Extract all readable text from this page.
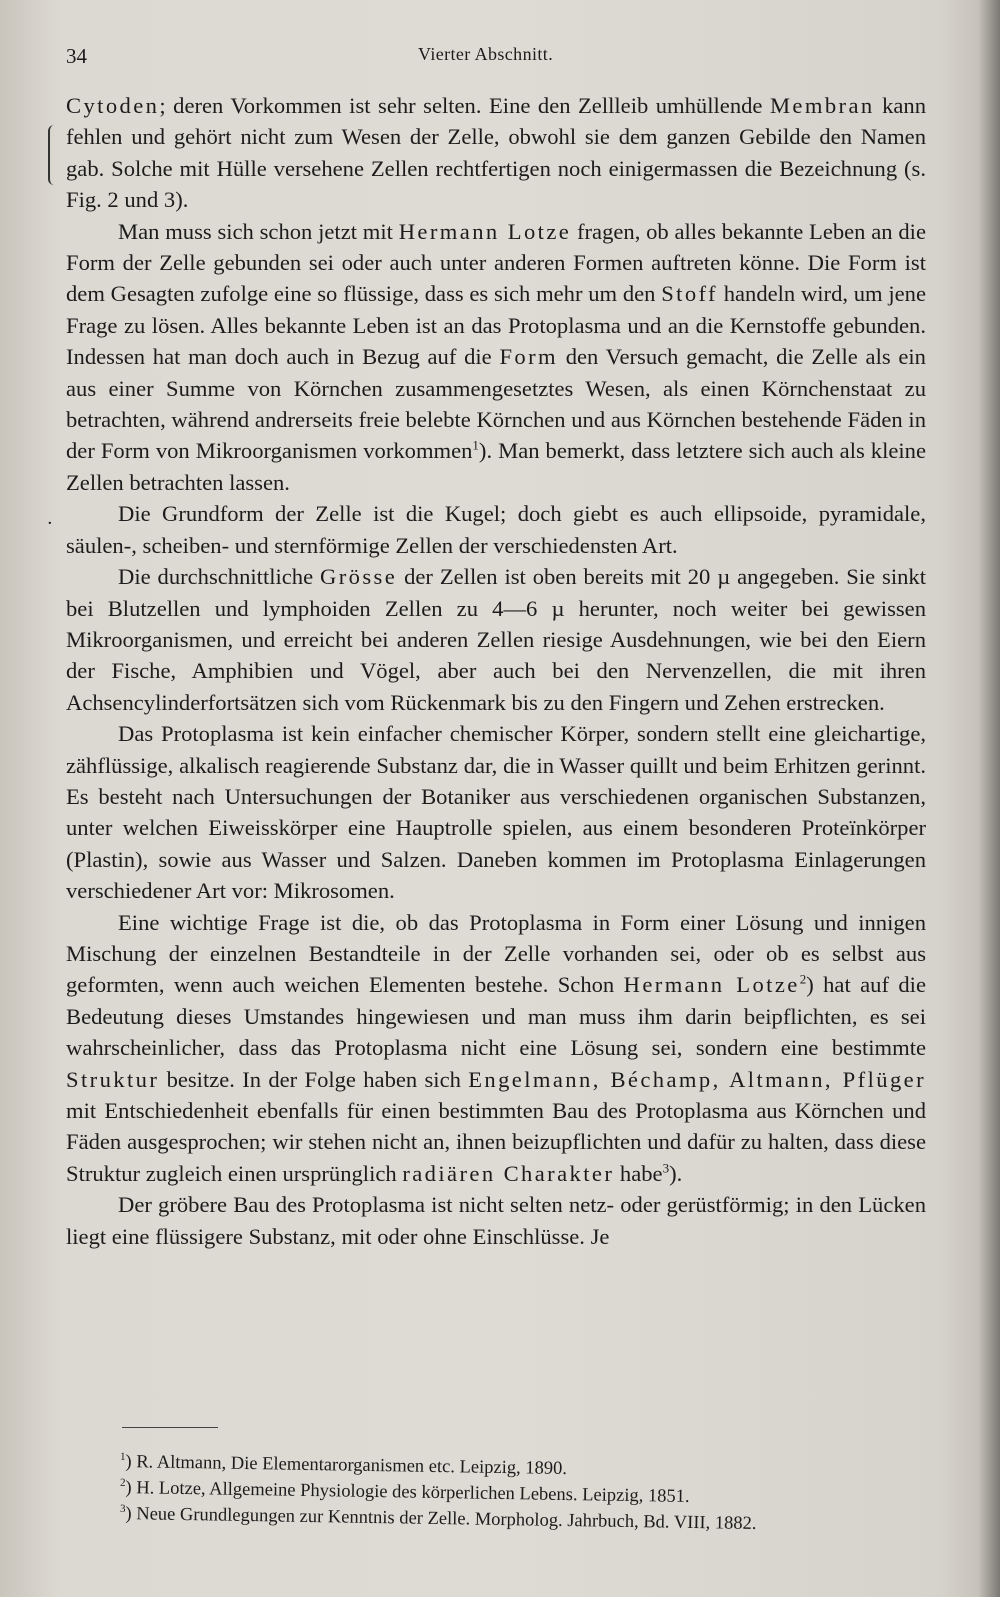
34	Vierter Abschnitt.
·

Cytoden; deren Vorkommen ist sehr selten. Eine den Zellleib umhüllende Membran kann fehlen und gehört nicht zum Wesen der Zelle, obwohl sie dem ganzen Gebilde den Namen gab. Solche mit Hülle versehene Zellen rechtfertigen noch einigermassen die Bezeichnung (s. Fig. 2 und 3).

Man muss sich schon jetzt mit Hermann Lotze fragen, ob alles bekannte Leben an die Form der Zelle gebunden sei oder auch unter anderen Formen auftreten könne. Die Form ist dem Gesagten zufolge eine so flüssige, dass es sich mehr um den Stoff handeln wird, um jene Frage zu lösen. Alles bekannte Leben ist an das Protoplasma und an die Kernstoffe gebunden. Indessen hat man doch auch in Bezug auf die Form den Versuch gemacht, die Zelle als ein aus einer Summe von Körnchen zusammengesetztes Wesen, als einen Körnchenstaat zu betrachten, während andrerseits freie belebte Körnchen und aus Körnchen bestehende Fäden in der Form von Mikroorganismen vorkommen$^1$). Man bemerkt, dass letztere sich auch als kleine Zellen betrachten lassen.

Die Grundform der Zelle ist die Kugel; doch giebt es auch ellipsoide, pyramidale, säulen-, scheiben- und sternförmige Zellen der verschiedensten Art.

Die durchschnittliche Grösse der Zellen ist oben bereits mit 20 µ angegeben. Sie sinkt bei Blutzellen und lymphoiden Zellen zu 4—6 µ herunter, noch weiter bei gewissen Mikroorganismen, und erreicht bei anderen Zellen riesige Ausdehnungen, wie bei den Eiern der Fische, Amphibien und Vögel, aber auch bei den Nervenzellen, die mit ihren Achsencylinderfortsätzen sich vom Rückenmark bis zu den Fingern und Zehen erstrecken.

Das Protoplasma ist kein einfacher chemischer Körper, sondern stellt eine gleichartige, zähflüssige, alkalisch reagierende Substanz dar, die in Wasser quillt und beim Erhitzen gerinnt. Es besteht nach Untersuchungen der Botaniker aus verschiedenen organischen Substanzen, unter welchen Eiweisskörper eine Hauptrolle spielen, aus einem besonderen Proteïnkörper (Plastin), sowie aus Wasser und Salzen. Daneben kommen im Protoplasma Einlagerungen verschiedener Art vor: Mikrosomen.

Eine wichtige Frage ist die, ob das Protoplasma in Form einer Lösung und innigen Mischung der einzelnen Bestandteile in der Zelle vorhanden sei, oder ob es selbst aus geformten, wenn auch weichen Elementen bestehe. Schon Hermann Lotze$^2$) hat auf die Bedeutung dieses Umstandes hingewiesen und man muss ihm darin beipflichten, es sei wahrscheinlicher, dass das Protoplasma nicht eine Lösung sei, sondern eine bestimmte Struktur besitze. In der Folge haben sich Engelmann, Béchamp, Altmann, Pflüger mit Entschiedenheit ebenfalls für einen bestimmten Bau des Protoplasma aus Körnchen und Fäden ausgesprochen; wir stehen nicht an, ihnen beizupflichten und dafür zu halten, dass diese Struktur zugleich einen ursprünglich radiären Charakter habe$^3$).

Der gröbere Bau des Protoplasma ist nicht selten netz- oder gerüstförmig; in den Lücken liegt eine flüssigere Substanz, mit oder ohne Einschlüsse. Je

$^1$) R. Altmann, Die Elementarorganismen etc. Leipzig, 1890.
$^2$) H. Lotze, Allgemeine Physiologie des körperlichen Lebens. Leipzig, 1851.
$^3$) Neue Grundlegungen zur Kenntnis der Zelle. Morpholog. Jahrbuch, Bd. VIII, 1882.
